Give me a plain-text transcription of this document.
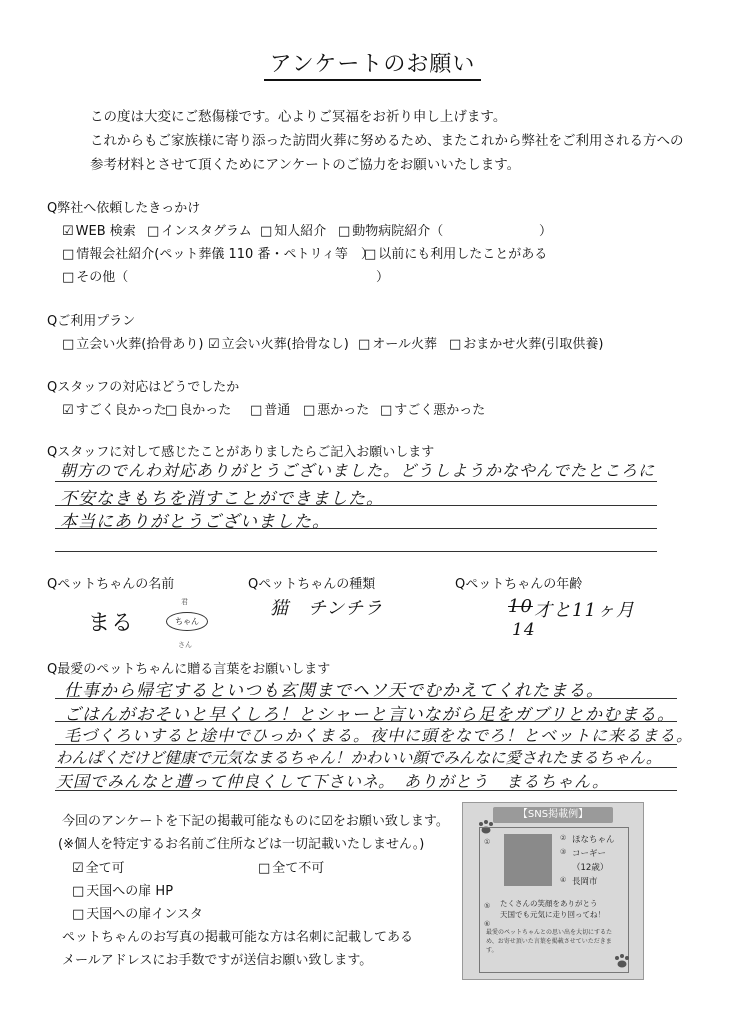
アンケートのお願い
この度は大変にご愁傷様です。心よりご冥福をお祈り申し上げます。
これからもご家族様に寄り添った訪問火葬に努めるため、またこれから弊社をご利用される方への
参考材料とさせて頂くためにアンケートのご協力をお願いいたします。
Q弊社へ依頼したきっかけ
☑ WEB 検索	□ インスタグラム	□ 知人紹介	□ 動物病院紹介（	）
□ 情報会社紹介(ペット葬儀 110 番・ペトリィ等　） □ 以前にも利用したことがある
□ その他（	）
Qご利用プラン
□ 立会い火葬(拾骨あり)	☑ 立会い火葬(拾骨なし)	□ オール火葬	□ おまかせ火葬(引取供養)
Qスタッフの対応はどうでしたか
☑ すごく良かった □ 良かった	□ 普通	□ 悪かった	□ すごく悪かった
Qスタッフに対して感じたことがありましたらご記入お願いします
朝方のでんわ対応ありがとうございました。どうしようかなやんでたところに
不安なきもちを消すことができました。
本当にありがとうございました。
Qペットちゃんの名前	Qペットちゃんの種類	Qペットちゃんの年齢
まる
君
ちゃん
さん
猫　チンチラ	10 才と11ヶ月
14
Q最愛のペットちゃんに贈る言葉をお願いします
仕事から帰宅するといつも玄関までヘソ天でむかえてくれたまる。
ごはんがおそいと早くしろ！とシャーと言いながら足をガブリとかむまる。
毛づくろいすると途中でひっかくまる。夜中に頭をなでろ！とベットに来るまる。
わんぱくだけど健康で元気なまるちゃん！かわいい顔でみんなに愛されたまるちゃん。
天国でみんなと遭って仲良くして下さいネ。　ありがとう　まるちゃん。
今回のアンケートを下記の掲載可能なものに☑をお願い致します。
(※個人を特定するお名前ご住所などは一切記載いたしません。)
☑ 全て可	□ 全て不可
□ 天国への扉 HP
□ 天国への扉インスタ
ペットちゃんのお写真の掲載可能な方は名刺に記載してある
メールアドレスにお手数ですが送信お願い致します。
【SNS掲載例】
①	② ほなちゃん
③ コーギー
（12歳）
④ 長岡市
⑤ たくさんの笑顔をありがとう
天国でも元気に走り回ってね！
⑥
最愛のペットちゃんとの思い出を大切にするため、お寄せ頂いた言葉を掲載させていただきます。
